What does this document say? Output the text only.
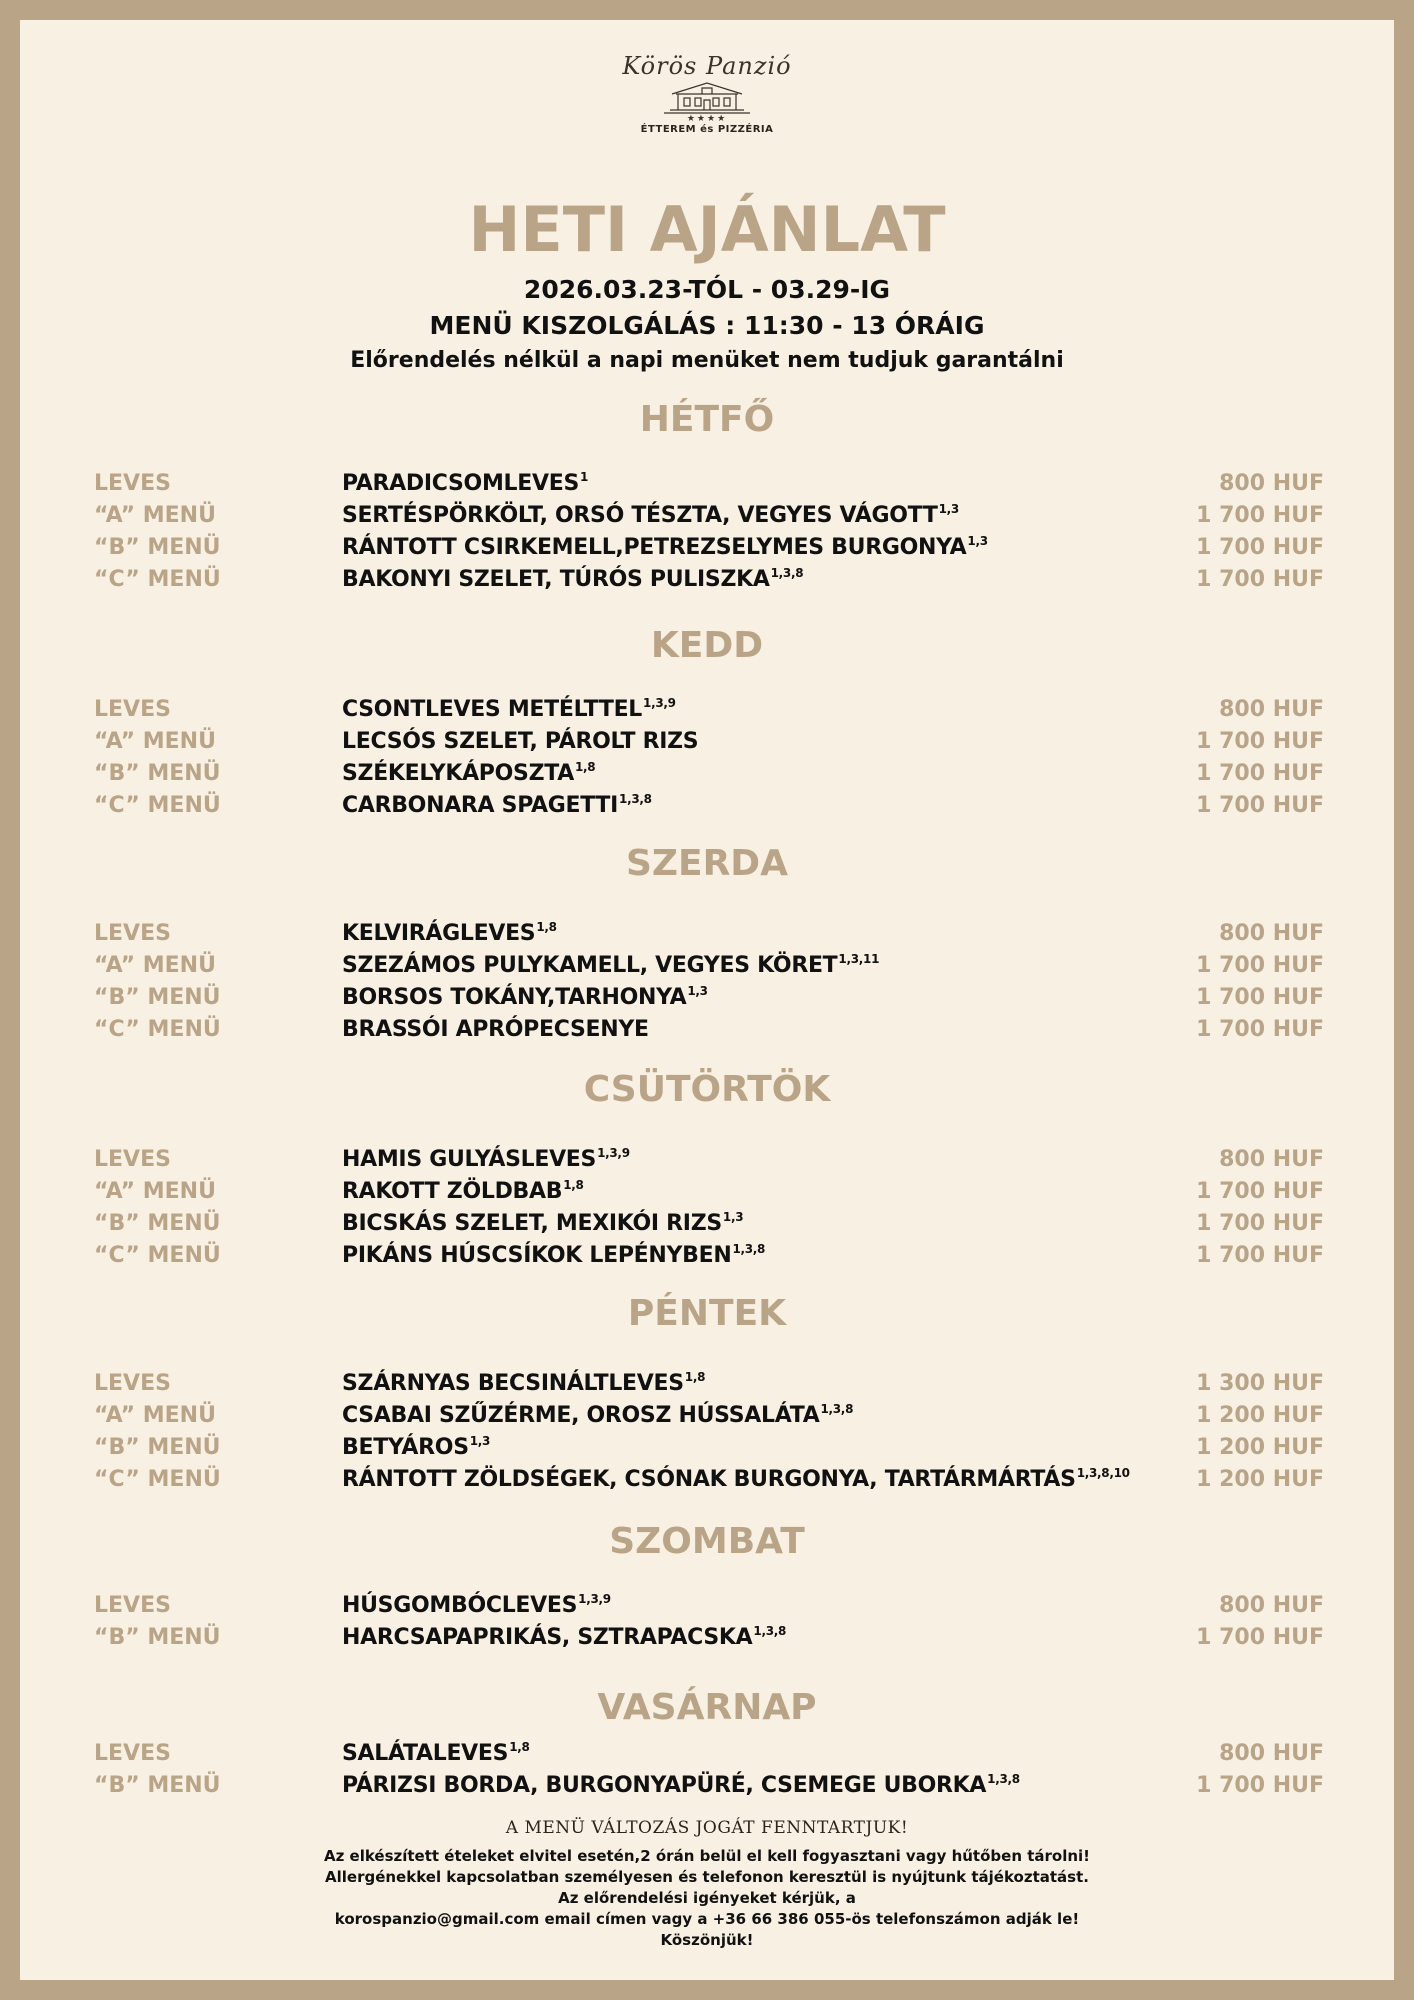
Körös Panzió
★★★★
ÉTTEREM és PIZZÉRIA
HETI AJÁNLAT
2026.03.23-TÓL - 03.29-IG
MENÜ KISZOLGÁLÁS : 11:30 - 13 ÓRÁIG
Előrendelés nélkül a napi menüket nem tudjuk garantálni
HÉTFŐ
LEVES	PARADICSOMLEVES$^1$	800 HUF
“A” MENÜ	SERTÉSPÖRKÖLT, ORSÓ TÉSZTA, VEGYES VÁGOTT$^{1,3}$	1 700 HUF
“B” MENÜ	RÁNTOTT CSIRKEMELL,PETREZSELYMES BURGONYA$^{1,3}$	1 700 HUF
“C” MENÜ	BAKONYI SZELET, TÚRÓS PULISZKA$^{1,3,8}$	1 700 HUF
KEDD
LEVES	CSONTLEVES METÉLTTEL$^{1,3,9}$	800 HUF
“A” MENÜ	LECSÓS SZELET, PÁROLT RIZS	1 700 HUF
“B” MENÜ	SZÉKELYKÁPOSZTA$^{1,8}$	1 700 HUF
“C” MENÜ	CARBONARA SPAGETTI$^{1,3,8}$	1 700 HUF
SZERDA
LEVES	KELVIRÁGLEVES$^{1,8}$	800 HUF
“A” MENÜ	SZEZÁMOS PULYKAMELL, VEGYES KÖRET$^{1,3,11}$	1 700 HUF
“B” MENÜ	BORSOS TOKÁNY,TARHONYA$^{1,3}$	1 700 HUF
“C” MENÜ	BRASSÓI APRÓPECSENYE	1 700 HUF
CSÜTÖRTÖK
LEVES	HAMIS GULYÁSLEVES$^{1,3,9}$	800 HUF
“A” MENÜ	RAKOTT ZÖLDBAB$^{1,8}$	1 700 HUF
“B” MENÜ	BICSKÁS SZELET, MEXIKÓI RIZS$^{1,3}$	1 700 HUF
“C” MENÜ	PIKÁNS HÚSCSÍKOK LEPÉNYBEN$^{1,3,8}$	1 700 HUF
PÉNTEK
LEVES	SZÁRNYAS BECSINÁLTLEVES$^{1,8}$	1 300 HUF
“A” MENÜ	CSABAI SZŰZÉRME, OROSZ HÚSSALÁTA$^{1,3,8}$	1 200 HUF
“B” MENÜ	BETYÁROS$^{1,3}$	1 200 HUF
“C” MENÜ	RÁNTOTT ZÖLDSÉGEK, CSÓNAK BURGONYA, TARTÁRMÁRTÁS$^{1,3,8,10}$	1 200 HUF
SZOMBAT
LEVES	HÚSGOMBÓCLEVES$^{1,3,9}$	800 HUF
“B” MENÜ	HARCSAPAPRIKÁS, SZTRAPACSKA$^{1,3,8}$	1 700 HUF
VASÁRNAP
LEVES	SALÁTALEVES$^{1,8}$	800 HUF
“B” MENÜ	PÁRIZSI BORDA, BURGONYAPÜRÉ, CSEMEGE UBORKA$^{1,3,8}$	1 700 HUF
A MENÜ VÁLTOZÁS JOGÁT FENNTARTJUK!
Az elkészített ételeket elvitel esetén,2 órán belül el kell fogyasztani vagy hűtőben tárolni!
Allergénekkel kapcsolatban személyesen és telefonon keresztül is nyújtunk tájékoztatást.
Az előrendelési igényeket kérjük, a
korospanzio@gmail.com email címen vagy a +36 66 386 055-ös telefonszámon adják le!
Köszönjük!
